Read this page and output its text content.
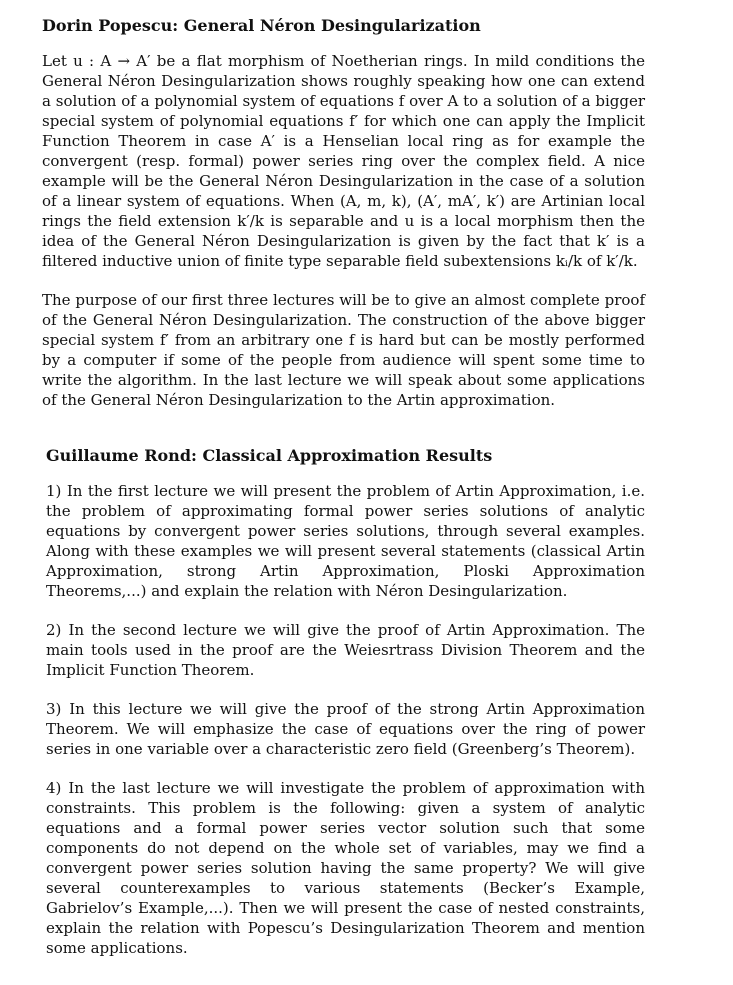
Dorin Popescu: General Néron Desingularization

Let u : A → A′ be a flat morphism of Noetherian rings. In mild conditions the General Néron Desingularization shows roughly speaking how one can extend a solution of a polynomial system of equations f over A to a solution of a bigger special system of polynomial equations f′ for which one can apply the Implicit Function Theorem in case A′ is a Henselian local ring as for example the convergent (resp. formal) power series ring over the complex field. A nice example will be the General Néron Desingularization in the case of a solution of a linear system of equations. When (A, m, k), (A′, mA′, k′) are Artinian local rings the field extension k′/k is separable and u is a local morphism then the idea of the General Néron Desingularization is given by the fact that k′ is a filtered inductive union of finite type separable field subextensions kᵢ/k of k′/k.

The purpose of our first three lectures will be to give an almost complete proof of the General Néron Desingularization. The construction of the above bigger special system f′ from an arbitrary one f is hard but can be mostly performed by a computer if some of the people from audience will spent some time to write the algorithm. In the last lecture we will speak about some applications of the General Néron Desingularization to the Artin approximation.

Guillaume Rond: Classical Approximation Results

1) In the first lecture we will present the problem of Artin Approximation, i.e. the problem of approximating formal power series solutions of analytic equations by convergent power series solutions, through several examples. Along with these examples we will present several statements (classical Artin Approximation, strong Artin Approximation, Ploski Approximation Theorems,...) and explain the relation with Néron Desingularization.

2) In the second lecture we will give the proof of Artin Approximation. The main tools used in the proof are the Weiesrtrass Division Theorem and the Implicit Function Theorem.

3) In this lecture we will give the proof of the strong Artin Approximation Theorem. We will emphasize the case of equations over the ring of power series in one variable over a characteristic zero field (Greenberg’s Theorem).

4) In the last lecture we will investigate the problem of approximation with constraints. This problem is the following: given a system of analytic equations and a formal power series vector solution such that some components do not depend on the whole set of variables, may we find a convergent power series solution having the same property? We will give several counterexamples to various statements (Becker’s Example, Gabrielov’s Example,...). Then we will present the case of nested constraints, explain the relation with Popescu’s Desingularization Theorem and mention some applications.
